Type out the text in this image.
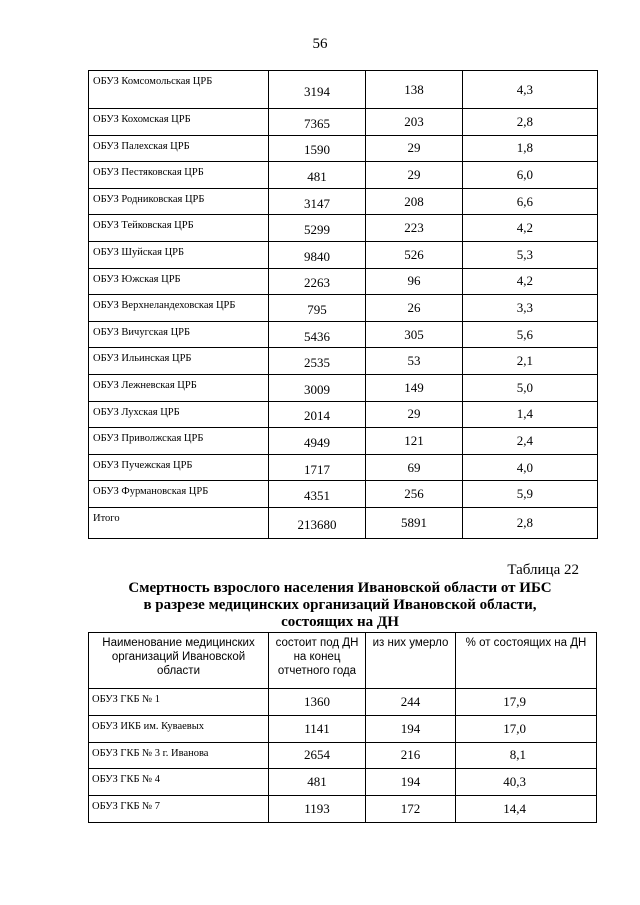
56
ОБУЗ Комсомольская ЦРБ	3194	138	4,3
ОБУЗ Кохомская ЦРБ	7365	203	2,8
ОБУЗ Палехская ЦРБ	1590	29	1,8
ОБУЗ Пестяковская ЦРБ	481	29	6,0
ОБУЗ Родниковская ЦРБ	3147	208	6,6
ОБУЗ Тейковская ЦРБ	5299	223	4,2
ОБУЗ Шуйская ЦРБ	9840	526	5,3
ОБУЗ Южская ЦРБ	2263	96	4,2
ОБУЗ Верхнеландеховская ЦРБ	795	26	3,3
ОБУЗ Вичугская ЦРБ	5436	305	5,6
ОБУЗ Ильинская ЦРБ	2535	53	2,1
ОБУЗ Лежневская ЦРБ	3009	149	5,0
ОБУЗ Лухская ЦРБ	2014	29	1,4
ОБУЗ Приволжская ЦРБ	4949	121	2,4
ОБУЗ Пучежская ЦРБ	1717	69	4,0
ОБУЗ Фурмановская ЦРБ	4351	256	5,9
Итого	213680	5891	2,8
Таблица 22
Смертность взрослого населения Ивановской области от ИБС
в разрезе медицинских организаций Ивановской области,
состоящих на ДН
Наименование медицинских организаций Ивановской области	состоит под ДН на конец отчетного года	из них умерло	% от состоящих на ДН
ОБУЗ ГКБ № 1	1360	244	17,9
ОБУЗ ИКБ им. Куваевых	1141	194	17,0
ОБУЗ ГКБ № 3 г. Иванова	2654	216	8,1
ОБУЗ ГКБ № 4	481	194	40,3
ОБУЗ ГКБ № 7	1193	172	14,4
